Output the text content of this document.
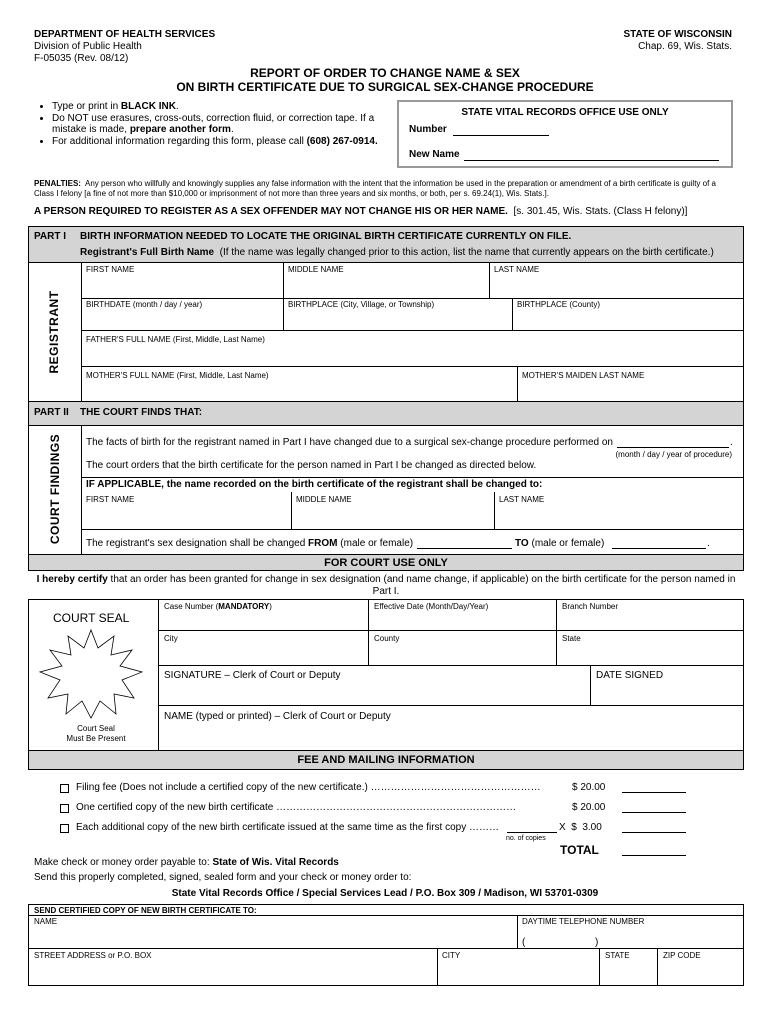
DEPARTMENT OF HEALTH SERVICES
Division of Public Health
F-05035 (Rev. 08/12)
STATE OF WISCONSIN
Chap. 69, Wis. Stats.
REPORT OF ORDER TO CHANGE NAME & SEX
ON BIRTH CERTIFICATE DUE TO SURGICAL SEX-CHANGE PROCEDURE
• Type or print in BLACK INK.
• Do NOT use erasures, cross-outs, correction fluid, or correction tape. If a mistake is made, prepare another form.
• For additional information regarding this form, please call (608) 267-0914.
STATE VITAL RECORDS OFFICE USE ONLY
Number
New Name
PENALTIES: Any person who willfully and knowingly supplies any false information with the intent that the information be used in the preparation or amendment of a birth certificate is guilty of a Class I felony [a fine of not more than $10,000 or imprisonment of not more than three years and six months, or both, per s. 69.24(1), Wis. Stats.].
A PERSON REQUIRED TO REGISTER AS A SEX OFFENDER MAY NOT CHANGE HIS OR HER NAME. [s. 301.45, Wis. Stats. (Class H felony)]
PART I BIRTH INFORMATION NEEDED TO LOCATE THE ORIGINAL BIRTH CERTIFICATE CURRENTLY ON FILE.
Registrant's Full Birth Name (If the name was legally changed prior to this action, list the name that currently appears on the birth certificate.)
REGISTRANT
FIRST NAME	MIDDLE NAME	LAST NAME
BIRTHDATE (month / day / year)	BIRTHPLACE (City, Village, or Township)	BIRTHPLACE (County)
FATHER'S FULL NAME (First, Middle, Last Name)
MOTHER'S FULL NAME (First, Middle, Last Name)	MOTHER'S MAIDEN LAST NAME
PART II THE COURT FINDS THAT:
COURT FINDINGS The facts of birth for the registrant named in Part I have changed due to a surgical sex-change procedure performed on	.
(month / day / year of procedure)
The court orders that the birth certificate for the person named in Part I be changed as directed below.
IF APPLICABLE, the name recorded on the birth certificate of the registrant shall be changed to:
FIRST NAME	MIDDLE NAME	LAST NAME
The registrant's sex designation shall be changed FROM (male or female)	TO (male or female)	.
FOR COURT USE ONLY
I hereby certify that an order has been granted for change in sex designation (and name change, if applicable) on the birth certificate for the person named in Part I.
COURT SEAL
Court Seal
Must Be Present
Case Number (MANDATORY)	Effective Date (Month/Day/Year)	Branch Number
City	County	State
SIGNATURE – Clerk of Court or Deputy	DATE SIGNED
NAME (typed or printed) – Clerk of Court or Deputy
FEE AND MAILING INFORMATION
Filing fee (Does not include a certified copy of the new certificate.) ……………………………………………	$ 20.00
One certified copy of the new birth certificate ………………………………………………………………	$ 20.00
Each additional copy of the new birth certificate issued at the same time as the first copy ………	X  $  3.00
no. of copies
TOTAL
Make check or money order payable to: State of Wis. Vital Records
Send this properly completed, signed, sealed form and your check or money order to:
State Vital Records Office / Special Services Lead / P.O. Box 309 / Madison, WI 53701-0309
SEND CERTIFIED COPY OF NEW BIRTH CERTIFICATE TO:
NAME	DAYTIME TELEPHONE NUMBER
(	)
STREET ADDRESS or P.O. BOX	CITY	STATE	ZIP CODE
